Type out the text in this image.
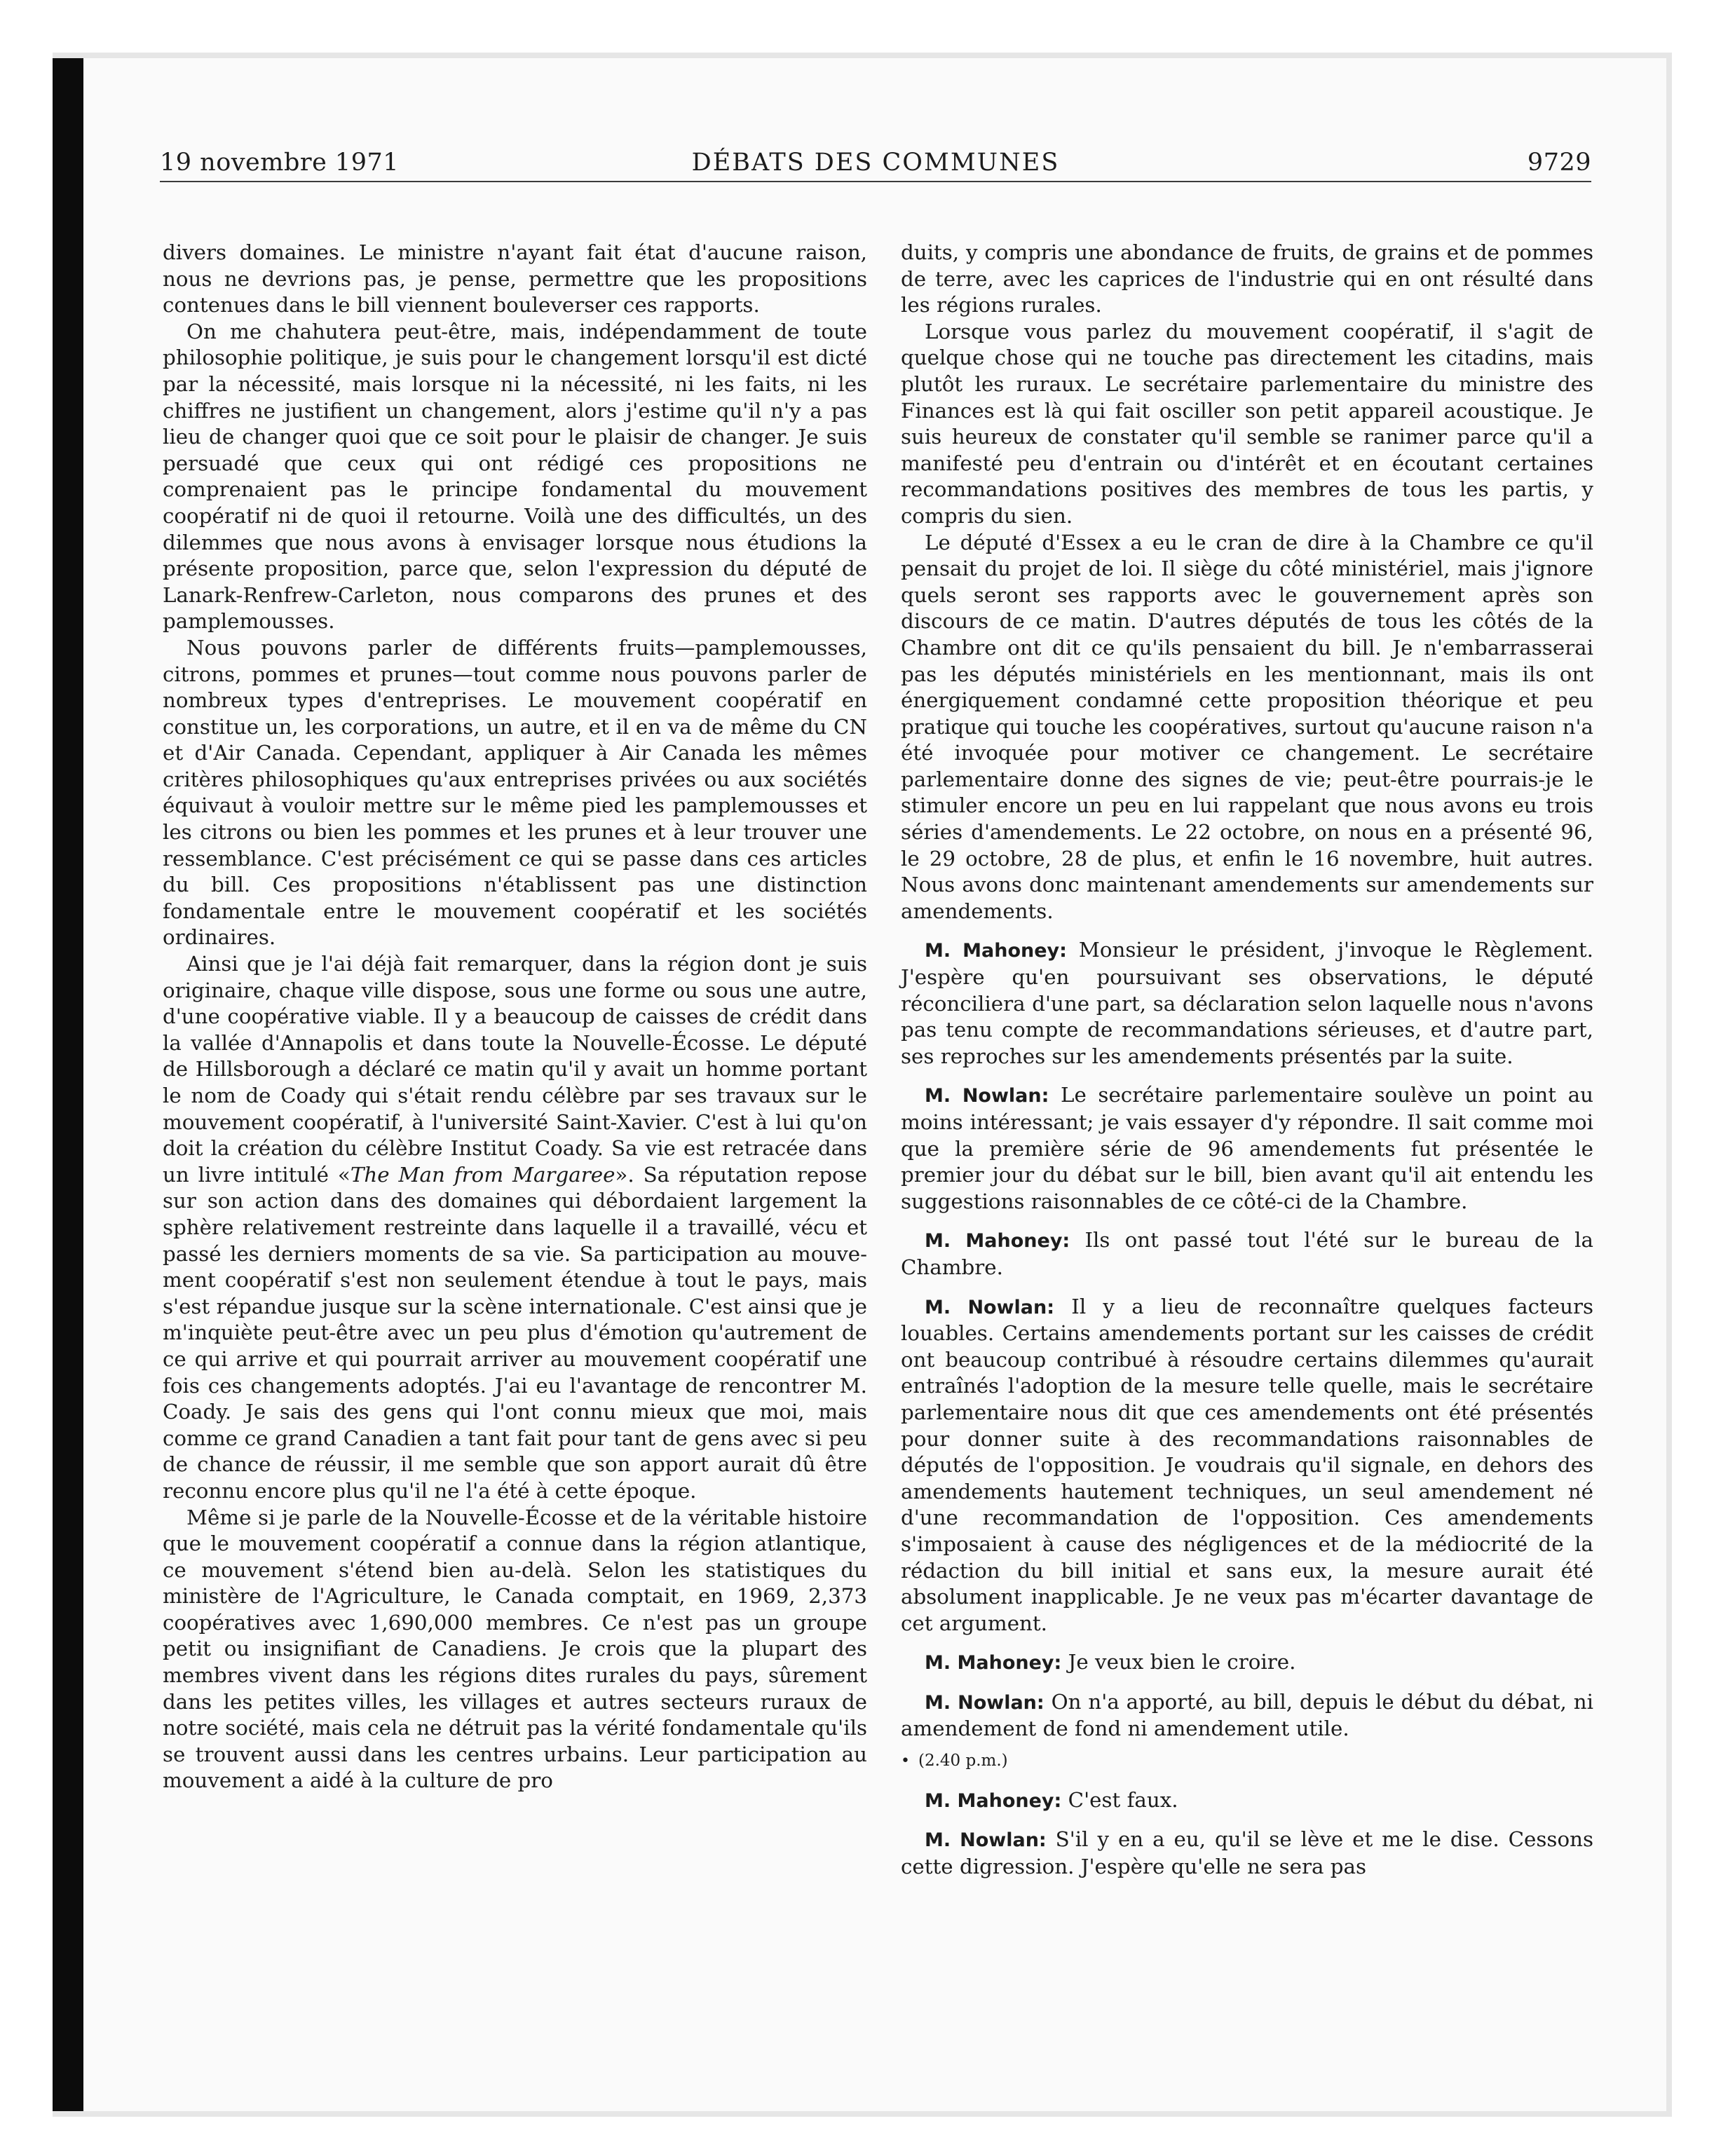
19 novembre 1971	DÉBATS DES COMMUNES	9729

divers domaines. Le ministre n'ayant fait état d'aucune raison, nous ne devrions pas, je pense, permettre que les propositions contenues dans le bill viennent bouleverser ces rapports.

On me chahutera peut-être, mais, indépendamment de toute philosophie politique, je suis pour le changement lorsqu'il est dicté par la nécessité, mais lorsque ni la nécessité, ni les faits, ni les chiffres ne justifient un changement, alors j'estime qu'il n'y a pas lieu de changer quoi que ce soit pour le plaisir de changer. Je suis persuadé que ceux qui ont rédigé ces propositions ne comprenaient pas le principe fondamental du mouvement coopératif ni de quoi il retourne. Voilà une des difficultés, un des dilemmes que nous avons à envisager lorsque nous étudions la présente proposition, parce que, selon l'expression du député de Lanark-Renfrew-Carleton, nous comparons des prunes et des pamplemousses.

Nous pouvons parler de différents fruits—pamplemousses, citrons, pommes et prunes—tout comme nous pouvons parler de nombreux types d'entreprises. Le mouvement coopératif en constitue un, les corporations, un autre, et il en va de même du CN et d'Air Canada. Cependant, appliquer à Air Canada les mêmes critères philosophiques qu'aux entreprises privées ou aux sociétés équivaut à vouloir mettre sur le même pied les pamplemousses et les citrons ou bien les pommes et les prunes et à leur trouver une ressemblance. C'est précisément ce qui se passe dans ces articles du bill. Ces propositions n'établissent pas une distinction fondamentale entre le mouvement coopératif et les sociétés ordinaires.

Ainsi que je l'ai déjà fait remarquer, dans la région dont je suis originaire, chaque ville dispose, sous une forme ou sous une autre, d'une coopérative viable. Il y a beaucoup de caisses de crédit dans la vallée d'Annapolis et dans toute la Nouvelle-Écosse. Le député de Hillsborough a déclaré ce matin qu'il y avait un homme portant le nom de Coady qui s'était rendu célèbre par ses travaux sur le mouvement coopératif, à l'université Saint-Xavier. C'est à lui qu'on doit la création du célèbre Institut Coady. Sa vie est retracée dans un livre intitulé «The Man from Margaree». Sa réputation repose sur son action dans des domaines qui débordaient largement la sphère relativement restreinte dans laquelle il a travaillé, vécu et passé les derniers moments de sa vie. Sa participation au mouvement coopératif s'est non seulement étendue à tout le pays, mais s'est répandue jusque sur la scène internationale. C'est ainsi que je m'inquiète peut-être avec un peu plus d'émotion qu'autrement de ce qui arrive et qui pourrait arriver au mouvement coopératif une fois ces changements adoptés. J'ai eu l'avantage de rencontrer M. Coady. Je sais des gens qui l'ont connu mieux que moi, mais comme ce grand Canadien a tant fait pour tant de gens avec si peu de chance de réussir, il me semble que son apport aurait dû être reconnu encore plus qu'il ne l'a été à cette époque.

Même si je parle de la Nouvelle-Écosse et de la véritable histoire que le mouvement coopératif a connue dans la région atlantique, ce mouvement s'étend bien au-delà. Selon les statistiques du ministère de l'Agriculture, le Canada comptait, en 1969, 2,373 coopératives avec 1,690,000 membres. Ce n'est pas un groupe petit ou insignifiant de Canadiens. Je crois que la plupart des membres vivent dans les régions dites rurales du pays, sûrement dans les petites villes, les villages et autres secteurs ruraux de notre société, mais cela ne détruit pas la vérité fondamentale qu'ils se trouvent aussi dans les centres urbains. Leur participation au mouvement a aidé à la culture de pro

duits, y compris une abondance de fruits, de grains et de pommes de terre, avec les caprices de l'industrie qui en ont résulté dans les régions rurales.

Lorsque vous parlez du mouvement coopératif, il s'agit de quelque chose qui ne touche pas directement les citadins, mais plutôt les ruraux. Le secrétaire parlementaire du ministre des Finances est là qui fait osciller son petit appareil acoustique. Je suis heureux de constater qu'il semble se ranimer parce qu'il a manifesté peu d'entrain ou d'intérêt et en écoutant certaines recommandations positives des membres de tous les partis, y compris du sien.

Le député d'Essex a eu le cran de dire à la Chambre ce qu'il pensait du projet de loi. Il siège du côté ministériel, mais j'ignore quels seront ses rapports avec le gouvernement après son discours de ce matin. D'autres députés de tous les côtés de la Chambre ont dit ce qu'ils pensaient du bill. Je n'embarrasserai pas les députés ministériels en les mentionnant, mais ils ont énergiquement condamné cette proposition théorique et peu pratique qui touche les coopératives, surtout qu'aucune raison n'a été invoquée pour motiver ce changement. Le secrétaire parlementaire donne des signes de vie; peut-être pourrais-je le stimuler encore un peu en lui rappelant que nous avons eu trois séries d'amendements. Le 22 octobre, on nous en a présenté 96, le 29 octobre, 28 de plus, et enfin le 16 novembre, huit autres. Nous avons donc maintenant amendements sur amendements sur amendements.

M. Mahoney: Monsieur le président, j'invoque le Règlement. J'espère qu'en poursuivant ses observations, le député réconciliera d'une part, sa déclaration selon laquelle nous n'avons pas tenu compte de recommandations sérieuses, et d'autre part, ses reproches sur les amendements présentés par la suite.

M. Nowlan: Le secrétaire parlementaire soulève un point au moins intéressant; je vais essayer d'y répondre. Il sait comme moi que la première série de 96 amendements fut présentée le premier jour du débat sur le bill, bien avant qu'il ait entendu les suggestions raisonnables de ce côté-ci de la Chambre.

M. Mahoney: Ils ont passé tout l'été sur le bureau de la Chambre.

M. Nowlan: Il y a lieu de reconnaître quelques facteurs louables. Certains amendements portant sur les caisses de crédit ont beaucoup contribué à résoudre certains dilemmes qu'aurait entraînés l'adoption de la mesure telle quelle, mais le secrétaire parlementaire nous dit que ces amendements ont été présentés pour donner suite à des recommandations raisonnables de députés de l'opposition. Je voudrais qu'il signale, en dehors des amendements hautement techniques, un seul amendement né d'une recommandation de l'opposition. Ces amendements s'imposaient à cause des négligences et de la médiocrité de la rédaction du bill initial et sans eux, la mesure aurait été absolument inapplicable. Je ne veux pas m'écarter davantage de cet argument.

M. Mahoney: Je veux bien le croire.

M. Nowlan: On n'a apporté, au bill, depuis le début du débat, ni amendement de fond ni amendement utile.

• (2.40 p.m.)

M. Mahoney: C'est faux.

M. Nowlan: S'il y en a eu, qu'il se lève et me le dise. Cessons cette digression. J'espère qu'elle ne sera pas
